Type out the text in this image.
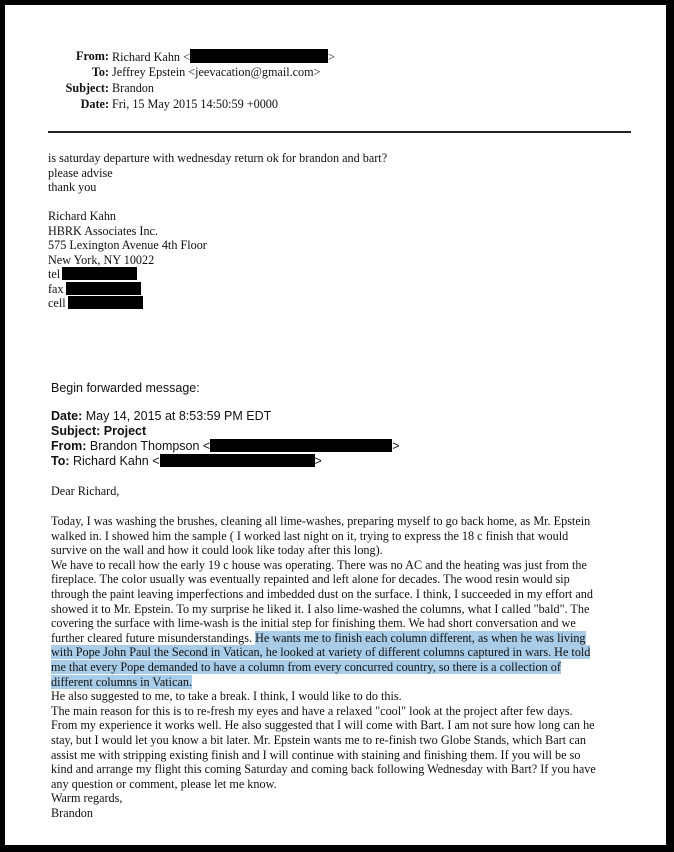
From: Richard Kahn <	>
To: Jeffrey Epstein <jeevacation@gmail.com>
Subject: Brandon
Date: Fri, 15 May 2015 14:50:59 +0000
is saturday departure with wednesday return ok for brandon and bart?
please advise
thank you
Richard Kahn
HBRK Associates Inc.
575 Lexington Avenue 4th Floor
New York, NY 10022
tel
fax
cell
Begin forwarded message:
Date: May 14, 2015 at 8:53:59 PM EDT
Subject: Project
From: Brandon Thompson <	>
To: Richard Kahn <	>
Dear Richard,
Today, I was washing the brushes, cleaning all lime-washes, preparing myself to go back home, as Mr. Epstein
walked in. I showed him the sample ( I worked last night on it, trying to express the 18 c finish that would
survive on the wall and how it could look like today after this long).
We have to recall how the early 19 c house was operating. There was no AC and the heating was just from the
fireplace. The color usually was eventually repainted and left alone for decades. The wood resin would sip
through the paint leaving imperfections and imbedded dust on the surface. I think, I succeeded in my effort and
showed it to Mr. Epstein. To my surprise he liked it. I also lime-washed the columns, what I called "bald". The
covering the surface with lime-wash is the initial step for finishing them. We had short conversation and we
further cleared future misunderstandings. He wants me to finish each column different, as when he was living
with Pope John Paul the Second in Vatican, he looked at variety of different columns captured in wars. He told
me that every Pope demanded to have a column from every concurred country, so there is a collection of
different columns in Vatican.
He also suggested to me, to take a break. I think, I would like to do this.
The main reason for this is to re-fresh my eyes and have a relaxed "cool" look at the project after few days.
From my experience it works well. He also suggested that I will come with Bart. I am not sure how long can he
stay, but I would let you know a bit later. Mr. Epstein wants me to re-finish two Globe Stands, which Bart can
assist me with stripping existing finish and I will continue with staining and finishing them. If you will be so
kind and arrange my flight this coming Saturday and coming back following Wednesday with Bart? If you have
any question or comment, please let me know.
Warm regards,
Brandon
